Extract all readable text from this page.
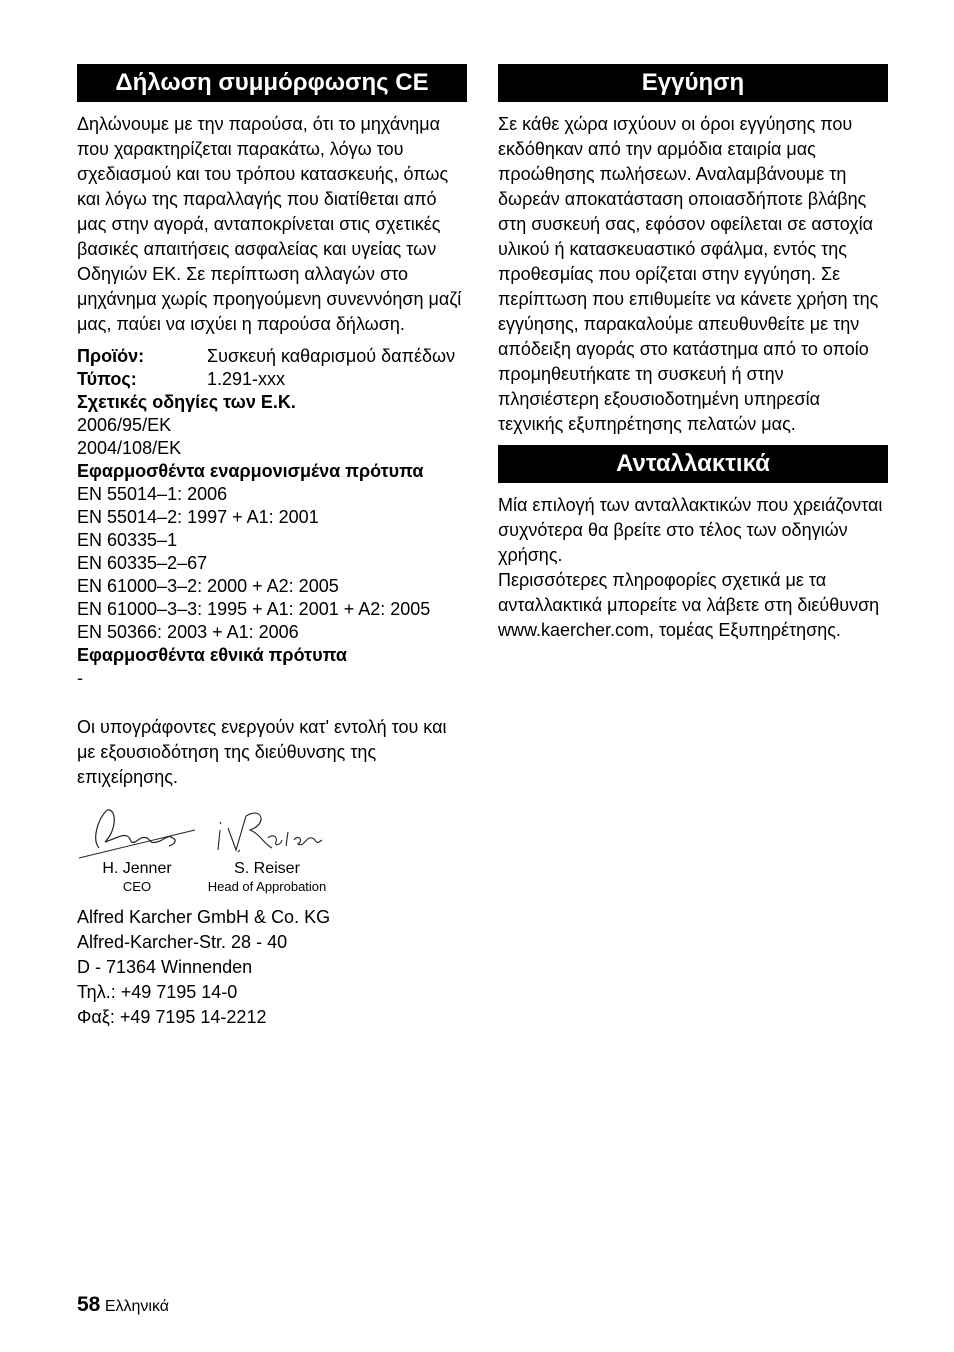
Δήλωση συμμόρφωσης CE

Δηλώνουμε με την παρούσα, ότι το μηχάνημα που χαρακτηρίζεται παρακάτω, λόγω του σχεδιασμού και του τρόπου κατασκευής, όπως και λόγω της παραλλαγής που διατίθεται από μας στην αγορά, ανταποκρίνεται στις σχετικές βασικές απαιτήσεις ασφαλείας και υγείας των Οδηγιών ΕΚ. Σε περίπτωση αλλαγών στο μηχάνημα χωρίς προηγούμενη συνεννόηση μαζί μας, παύει να ισχύει η παρούσα δήλωση.

Προϊόν:	Συσκευή καθαρισμού δαπέδων
Τύπος:	1.291-xxx
Σχετικές οδηγίες των Ε.Κ.
2006/95/EK
2004/108/EK
Εφαρμοσθέντα εναρμονισμένα πρότυπα
EN 55014–1: 2006
EN 55014–2: 1997 + A1: 2001
EN 60335–1
EN 60335–2–67
EN 61000–3–2: 2000 + A2: 2005
EN 61000–3–3: 1995 + A1: 2001 + A2: 2005
EN 50366: 2003 + A1: 2006
Εφαρμοσθέντα εθνικά πρότυπα
-

Οι υπογράφοντες ενεργούν κατ' εντολή του και με εξουσιοδότηση της διεύθυνσης της επιχείρησης.

H. Jenner
CEO
S. Reiser
Head of Approbation
Alfred Karcher GmbH & Co. KG
Alfred-Karcher-Str. 28 - 40
D - 71364 Winnenden
Τηλ.: +49 7195 14-0
Φαξ: +49 7195 14-2212
Εγγύηση

Σε κάθε χώρα ισχύουν οι όροι εγγύησης που εκδόθηκαν από την αρμόδια εταιρία μας προώθησης πωλήσεων. Αναλαμβάνουμε τη δωρεάν αποκατάσταση οποιασδήποτε βλάβης στη συσκευή σας, εφόσον οφείλεται σε αστοχία υλικού ή κατασκευαστικό σφάλμα, εντός της προθεσμίας που ορίζεται στην εγγύηση. Σε περίπτωση που επιθυμείτε να κάνετε χρήση της εγγύησης, παρακαλούμε απευθυνθείτε με την απόδειξη αγοράς στο κατάστημα από το οποίο προμηθευτήκατε τη συσκευή ή στην πλησιέστερη εξουσιοδοτημένη υπηρεσία τεχνικής εξυπηρέτησης πελατών μας.

Ανταλλακτικά

Μία επιλογή των ανταλλακτικών που χρειάζονται συχνότερα θα βρείτε στο τέλος των οδηγιών χρήσης.

Περισσότερες πληροφορίες σχετικά με τα ανταλλακτικά μπορείτε να λάβετε στη διεύθυνση www.kaercher.com, τομέας Εξυπηρέτησης.

58 Ελληνικά
